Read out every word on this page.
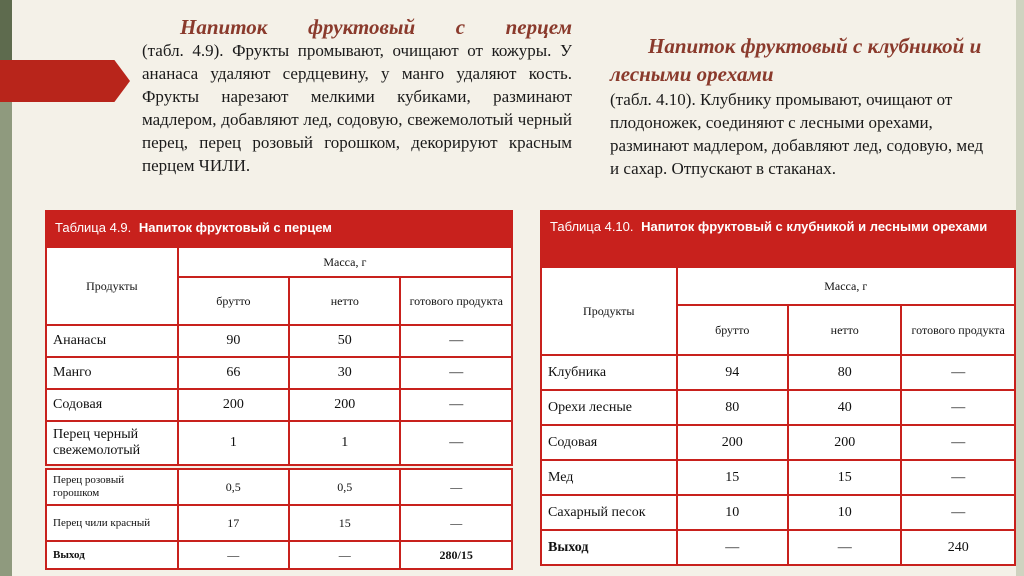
Напиток фруктовый с перцем
(табл. 4.9). Фрукты промывают, очищают от кожуры. У ананаса удаляют сердцевину, у манго удаляют кость. Фрукты нарезают мелкими кубиками, разминают мадлером, добавляют лед, содовую, свежемолотый черный перец, перец розовый горошком, декорируют красным перцем ЧИЛИ.
Напиток фруктовый с клубникой и лесными орехами
(табл. 4.10). Клубнику промывают, очищают от плодоножек, соединяют с лесными орехами, разминают мадлером, добавляют лед, содовую, мед и сахар. Отпускают в стаканах.
Таблица 4.9. Напиток фруктовый с перцем
Продукты	Масса, г		
	брутто	нетто	готового продукта
Ананасы	90	50	—
Манго	66	30	—
Содовая	200	200	—
Перец черный свежемолотый	1	1	—
Перец розовый горошком	0,5	0,5	—
Перец чили красный	17	15	—
Выход	—	—	280/15
Таблица 4.10. Напиток фруктовый с клубникой и лесными орехами
Продукты	Масса, г		
	брутто	нетто	готового продукта
Клубника	94	80	—
Орехи лесные	80	40	—
Содовая	200	200	—
Мед	15	15	—
Сахарный песок	10	10	—
Выход	—	—	240
